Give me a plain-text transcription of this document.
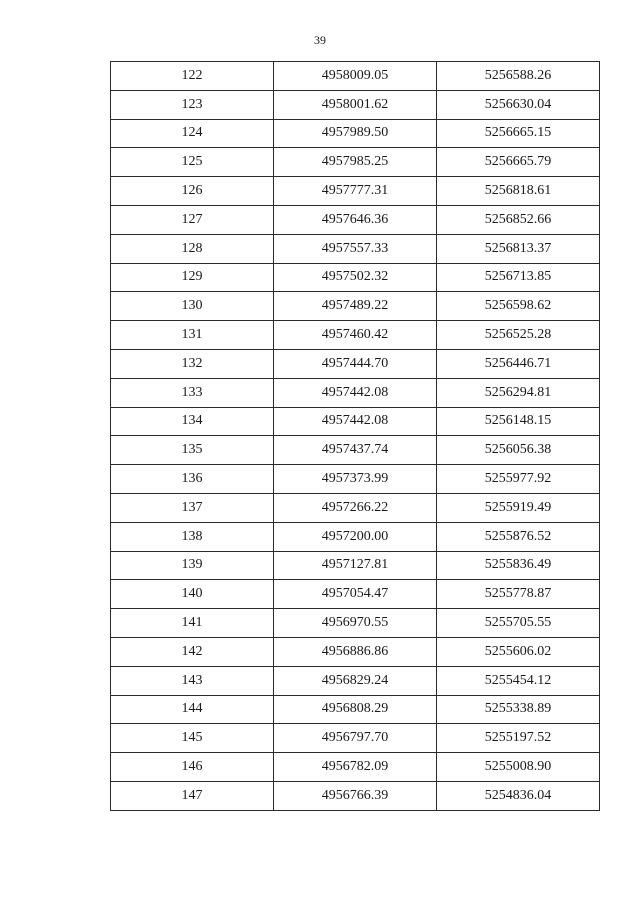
39
122	4958009.05	5256588.26
123	4958001.62	5256630.04
124	4957989.50	5256665.15
125	4957985.25	5256665.79
126	4957777.31	5256818.61
127	4957646.36	5256852.66
128	4957557.33	5256813.37
129	4957502.32	5256713.85
130	4957489.22	5256598.62
131	4957460.42	5256525.28
132	4957444.70	5256446.71
133	4957442.08	5256294.81
134	4957442.08	5256148.15
135	4957437.74	5256056.38
136	4957373.99	5255977.92
137	4957266.22	5255919.49
138	4957200.00	5255876.52
139	4957127.81	5255836.49
140	4957054.47	5255778.87
141	4956970.55	5255705.55
142	4956886.86	5255606.02
143	4956829.24	5255454.12
144	4956808.29	5255338.89
145	4956797.70	5255197.52
146	4956782.09	5255008.90
147	4956766.39	5254836.04
